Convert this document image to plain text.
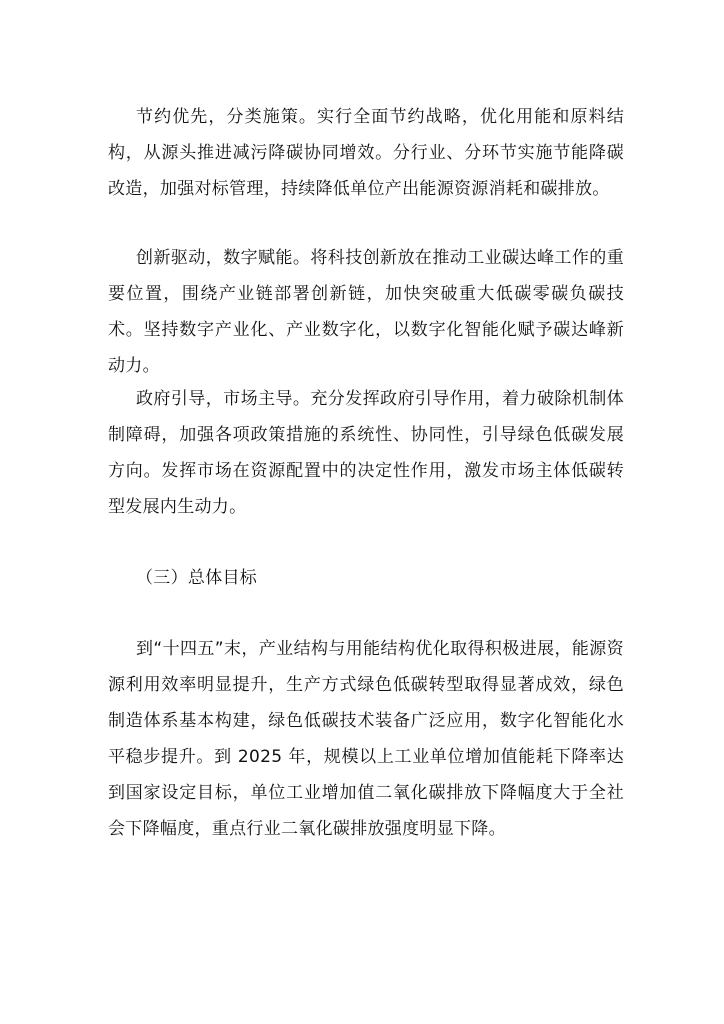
节约优先，分类施策。实行全面节约战略，优化用能和原料结构，从源头推进减污降碳协同增效。分行业、分环节实施节能降碳改造，加强对标管理，持续降低单位产出能源资源消耗和碳排放。

创新驱动，数字赋能。将科技创新放在推动工业碳达峰工作的重要位置，围绕产业链部署创新链，加快突破重大低碳零碳负碳技术。坚持数字产业化、产业数字化，以数字化智能化赋予碳达峰新动力。

政府引导，市场主导。充分发挥政府引导作用，着力破除机制体制障碍，加强各项政策措施的系统性、协同性，引导绿色低碳发展方向。发挥市场在资源配置中的决定性作用，激发市场主体低碳转型发展内生动力。

（三）总体目标

到“十四五”末，产业结构与用能结构优化取得积极进展，能源资源利用效率明显提升，生产方式绿色低碳转型取得显著成效，绿色制造体系基本构建，绿色低碳技术装备广泛应用，数字化智能化水平稳步提升。到 2025 年，规模以上工业单位增加值能耗下降率达到国家设定目标，单位工业增加值二氧化碳排放下降幅度大于全社会下降幅度，重点行业二氧化碳排放强度明显下降。
